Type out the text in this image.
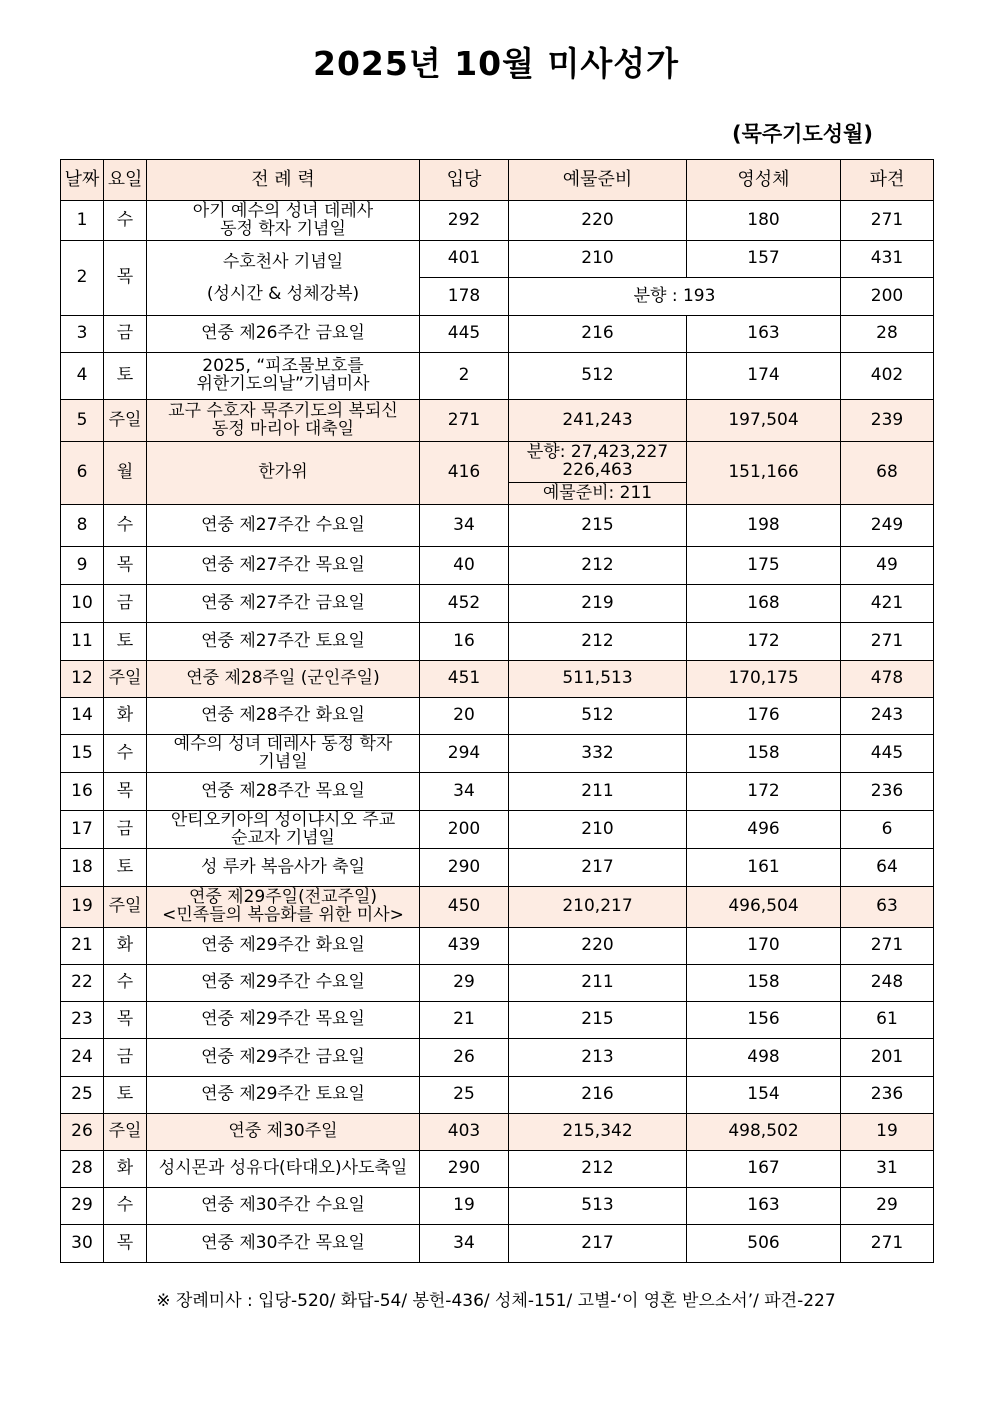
2025년 10월 미사성가
(묵주기도성월)
날짜	요일	전 례 력	입당	예물준비	영성체	파견
1	수	아기 예수의 성녀 데레사
동정 학자 기념일	292	220	180	271
2	목	수호천사 기념일
(성시간 & 성체강복)	401	210	157	431
			178	분향 : 193		200
3	금	연중 제26주간 금요일	445	216	163	28
4	토	2025, “피조물보호를
위한기도의날”기념미사	2	512	174	402
5	주일	교구 수호자 묵주기도의 복되신
동정 마리아 대축일	271	241,243	197,504	239
6	월	한가위	416	분향: 27,423,227
226,463	151,166	68
				예물준비: 211		
8	수	연중 제27주간 수요일	34	215	198	249
9	목	연중 제27주간 목요일	40	212	175	49
10	금	연중 제27주간 금요일	452	219	168	421
11	토	연중 제27주간 토요일	16	212	172	271
12	주일	연중 제28주일 (군인주일)	451	511,513	170,175	478
14	화	연중 제28주간 화요일	20	512	176	243
15	수	예수의 성녀 데레사 동정 학자
기념일	294	332	158	445
16	목	연중 제28주간 목요일	34	211	172	236
17	금	안티오키아의 성이냐시오 주교
순교자 기념일	200	210	496	6
18	토	성 루카 복음사가 축일	290	217	161	64
19	주일	연중 제29주일(전교주일)
<민족들의 복음화를 위한 미사>	450	210,217	496,504	63
21	화	연중 제29주간 화요일	439	220	170	271
22	수	연중 제29주간 수요일	29	211	158	248
23	목	연중 제29주간 목요일	21	215	156	61
24	금	연중 제29주간 금요일	26	213	498	201
25	토	연중 제29주간 토요일	25	216	154	236
26	주일	연중 제30주일	403	215,342	498,502	19
28	화	성시몬과 성유다(타대오)사도축일	290	212	167	31
29	수	연중 제30주간 수요일	19	513	163	29
30	목	연중 제30주간 목요일	34	217	506	271
※ 장례미사 : 입당-520/ 화답-54/ 봉헌-436/ 성체-151/ 고별-‘이 영혼 받으소서’/ 파견-227
